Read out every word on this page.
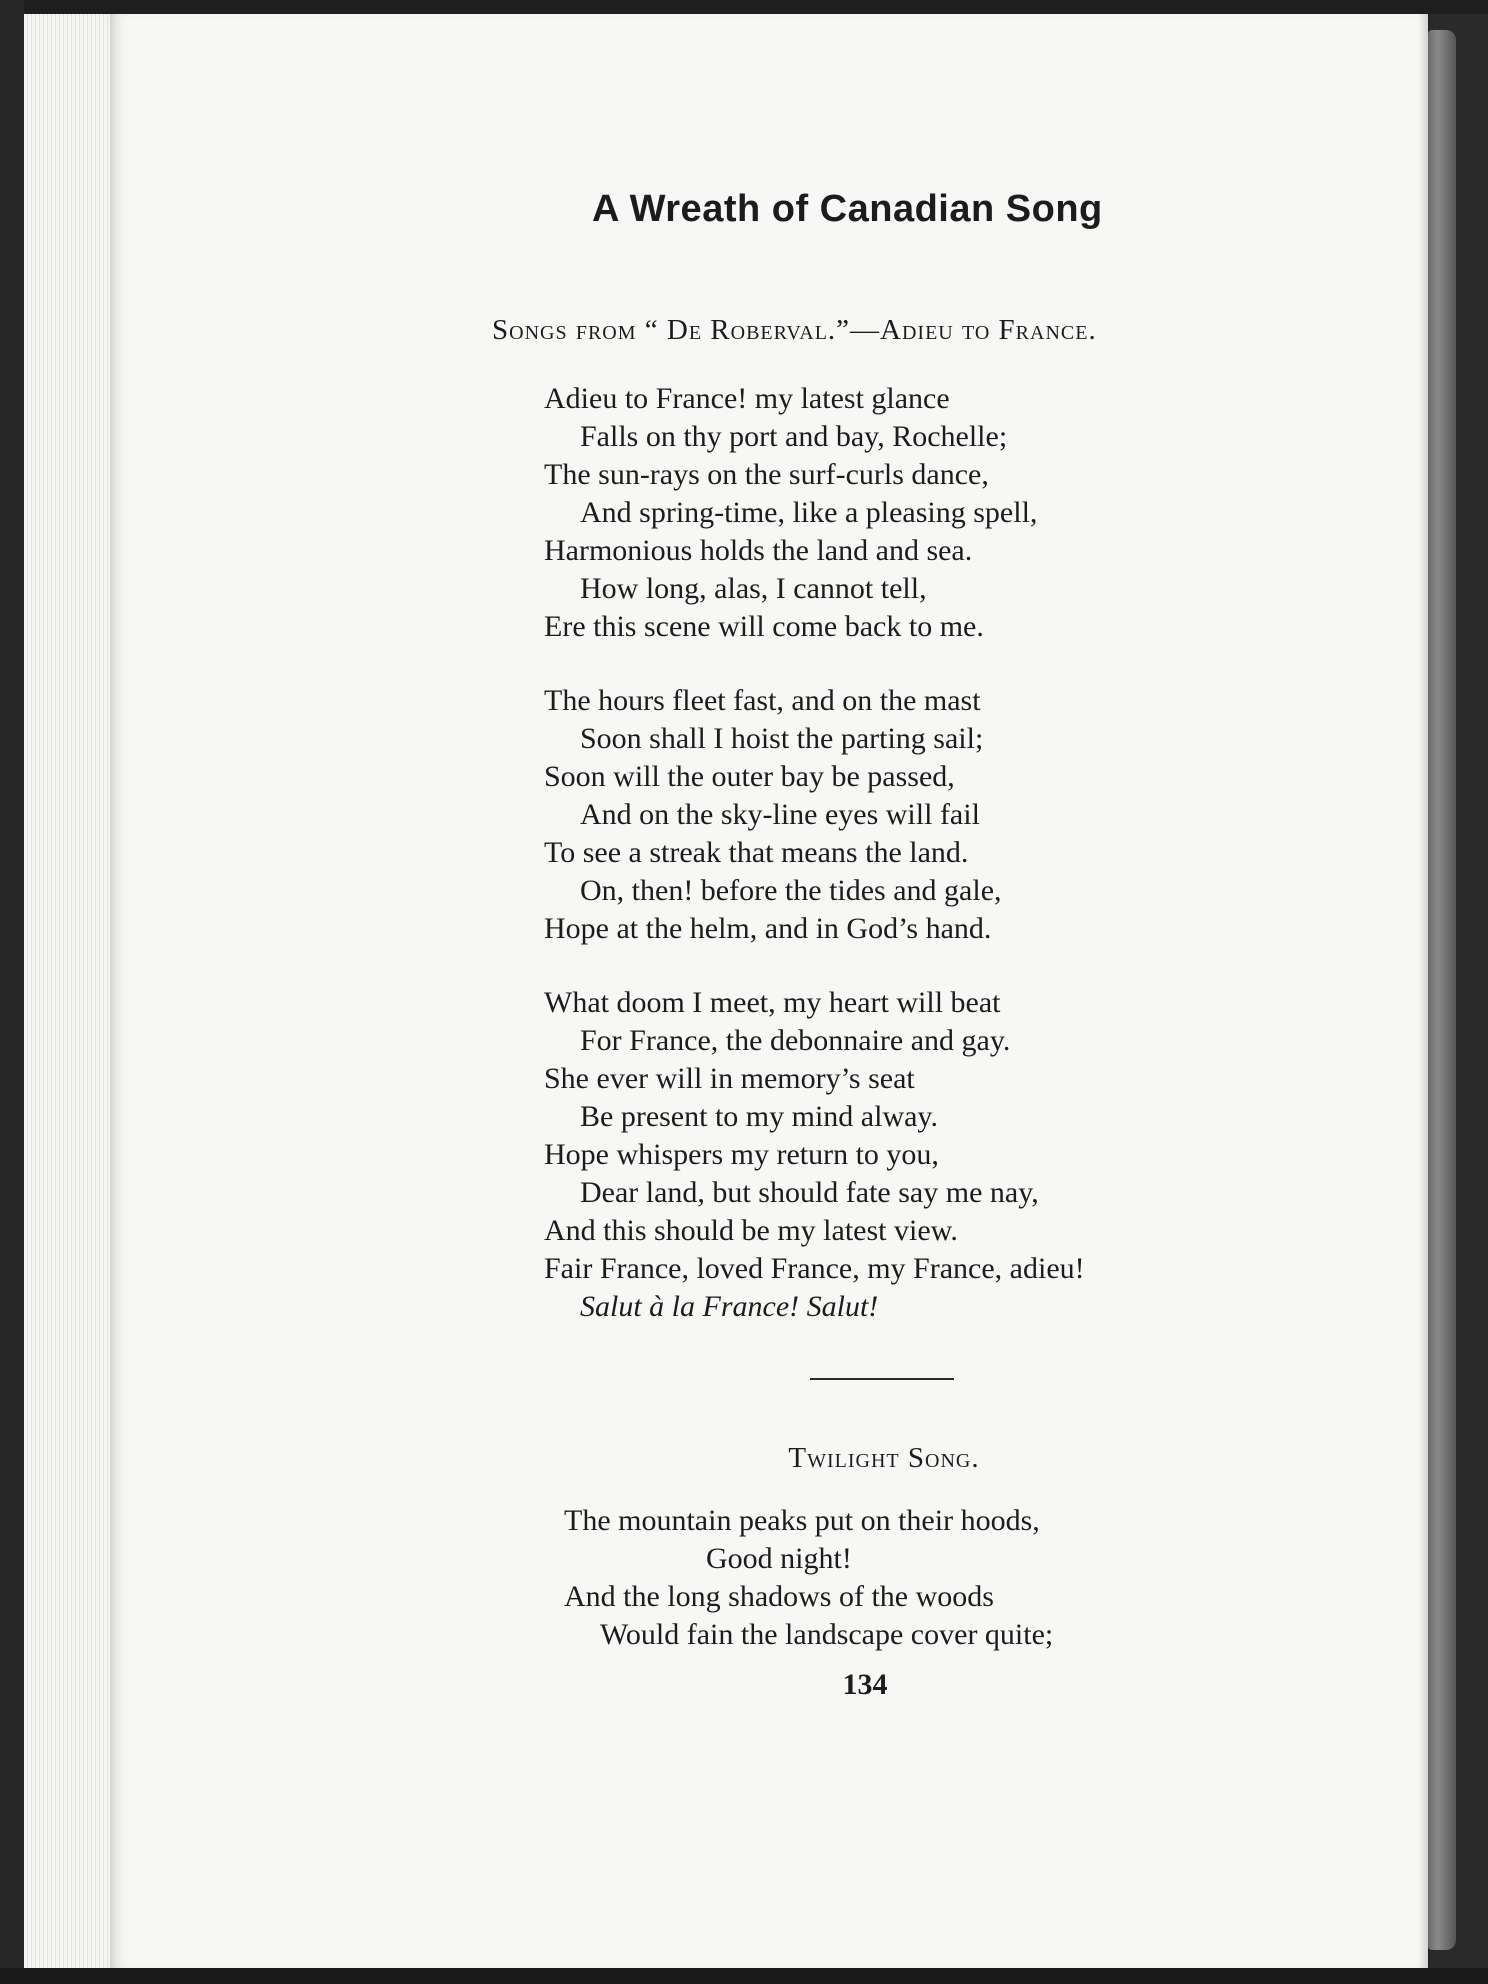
A Wreath of Canadian Song
Songs from “ De Roberval.”—Adieu to France.
Adieu to France! my latest glance
Falls on thy port and bay, Rochelle;
The sun-rays on the surf-curls dance,
And spring-time, like a pleasing spell,
Harmonious holds the land and sea.
How long, alas, I cannot tell,
Ere this scene will come back to me.
The hours fleet fast, and on the mast
Soon shall I hoist the parting sail;
Soon will the outer bay be passed,
And on the sky-line eyes will fail
To see a streak that means the land.
On, then! before the tides and gale,
Hope at the helm, and in God’s hand.
What doom I meet, my heart will beat
For France, the debonnaire and gay.
She ever will in memory’s seat
Be present to my mind alway.
Hope whispers my return to you,
Dear land, but should fate say me nay,
And this should be my latest view.
Fair France, loved France, my France, adieu!
Salut à la France! Salut!
Twilight Song.
The mountain peaks put on their hoods,
Good night!
And the long shadows of the woods
Would fain the landscape cover quite;
134
